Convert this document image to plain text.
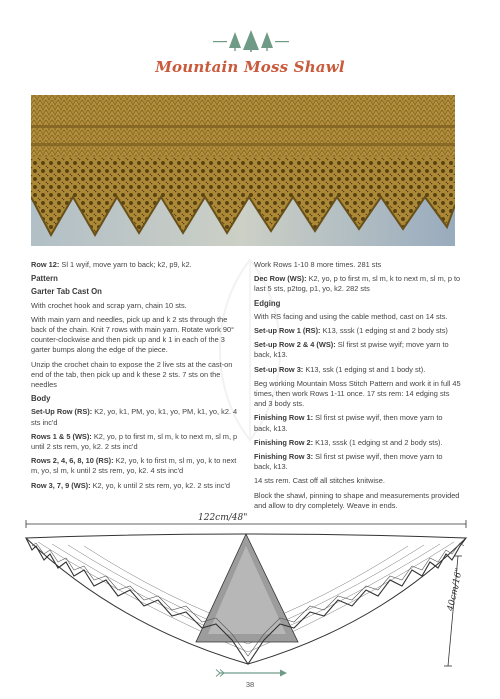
Mountain Moss Shawl

Row 12: Sl 1 wyif, move yarn to back; k2, p9, k2.

Pattern
Garter Tab Cast On

With crochet hook and scrap yarn, chain 10 sts.

With main yarn and needles, pick up and k 2 sts through the back of the chain. Knit 7 rows with main yarn. Rotate work 90° counter-clockwise and then pick up and k 1 in each of the 3 garter bumps along the edge of the piece.

Unzip the crochet chain to expose the 2 live sts at the cast-on end of the tab, then pick up and k these 2 sts. 7 sts on the needles

Body

Set-Up Row (RS): K2, yo, k1, PM, yo, k1, yo, PM, k1, yo, k2. 4 sts inc'd

Rows 1 & 5 (WS): K2, yo, p to first m, sl m, k to next m, sl m, p until 2 sts rem, yo, k2. 2 sts inc'd

Rows 2, 4, 6, 8, 10 (RS): K2, yo, k to first m, sl m, yo, k to next m, yo, sl m, k until 2 sts rem, yo, k2. 4 sts inc'd

Row 3, 7, 9 (WS): K2, yo, k until 2 sts rem, yo, k2. 2 sts inc'd

Work Rows 1-10 8 more times. 281 sts

Dec Row (WS): K2, yo, p to first m, sl m, k to next m, sl m, p to last 5 sts, p2tog, p1, yo, k2. 282 sts

Edging

With RS facing and using the cable method, cast on 14 sts.

Set-up Row 1 (RS): K13, sssk (1 edging st and 2 body sts)

Set-up Row 2 & 4 (WS): Sl first st pwise wyif; move yarn to back, k13.

Set-up Row 3: K13, ssk (1 edging st and 1 body st).

Beg working Mountain Moss Stitch Pattern and work it in full 45 times, then work Rows 1-11 once. 17 sts rem: 14 edging sts and 3 body sts.

Finishing Row 1: Sl first st pwise wyif, then move yarn to back, k13.

Finishing Row 2: K13, sssk (1 edging st and 2 body sts).

Finishing Row 3: Sl first st pwise wyif, then move yarn to back, k13.

14 sts rem. Cast off all stitches knitwise.

Block the shawl, pinning to shape and measurements provided and allow to dry completely. Weave in ends.

122cm/48"
40cm/16"
38
